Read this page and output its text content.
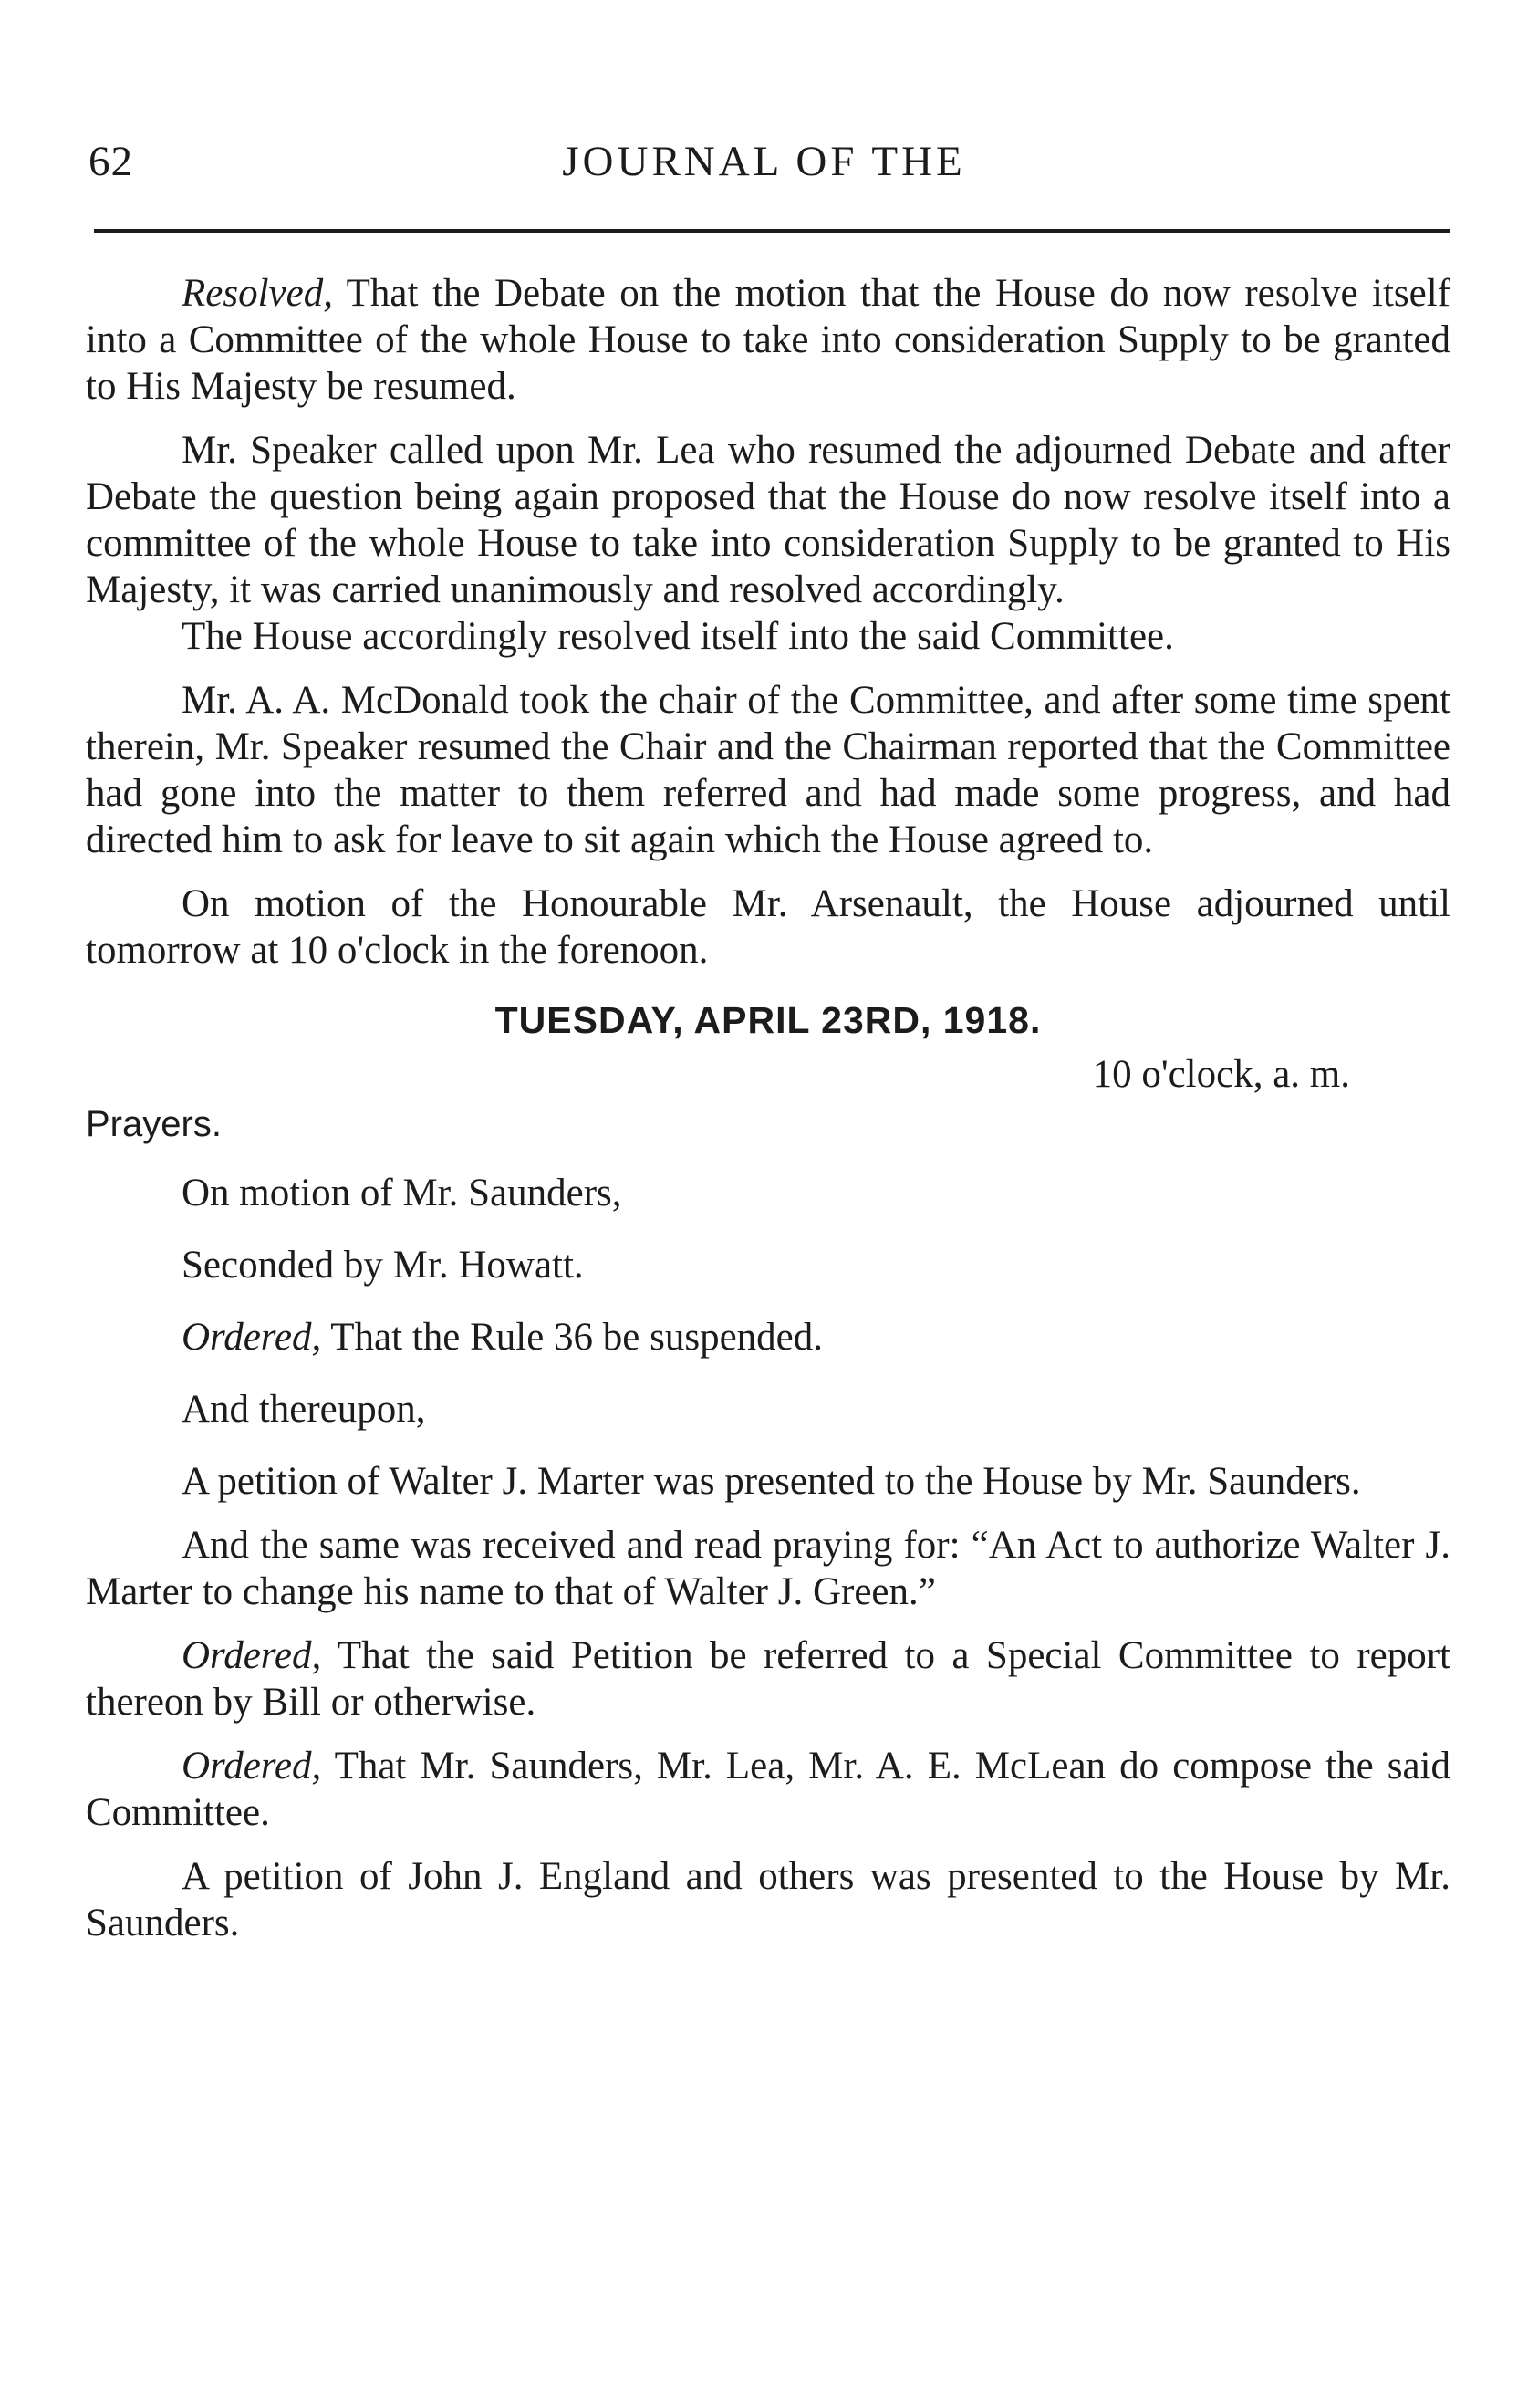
62	JOURNAL OF THE

Resolved, That the Debate on the motion that the House do now resolve itself into a Committee of the whole House to take into consideration Supply to be granted to His Majesty be resumed.

Mr. Speaker called upon Mr. Lea who resumed the adjourned Debate and after Debate the question being again proposed that the House do now resolve itself into a committee of the whole House to take into consideration Supply to be granted to His Majesty, it was carried unanimously and resolved accordingly.

The House accordingly resolved itself into the said Committee.

Mr. A. A. McDonald took the chair of the Committee, and after some time spent therein, Mr. Speaker resumed the Chair and the Chairman reported that the Committee had gone into the matter to them referred and had made some progress, and had directed him to ask for leave to sit again which the House agreed to.

On motion of the Honourable Mr. Arsenault, the House adjourned until tomorrow at 10 o'clock in the forenoon.

TUESDAY, APRIL 23RD, 1918.

10 o'clock, a. m.

Prayers.

On motion of Mr. Saunders,

Seconded by Mr. Howatt.

Ordered, That the Rule 36 be suspended.

And thereupon,

A petition of Walter J. Marter was presented to the House by Mr. Saunders.

And the same was received and read praying for: “An Act to authorize Walter J. Marter to change his name to that of Walter J. Green.”

Ordered, That the said Petition be referred to a Special Committee to report thereon by Bill or otherwise.

Ordered, That Mr. Saunders, Mr. Lea, Mr. A. E. McLean do compose the said Committee.

A petition of John J. England and others was presented to the House by Mr. Saunders.
